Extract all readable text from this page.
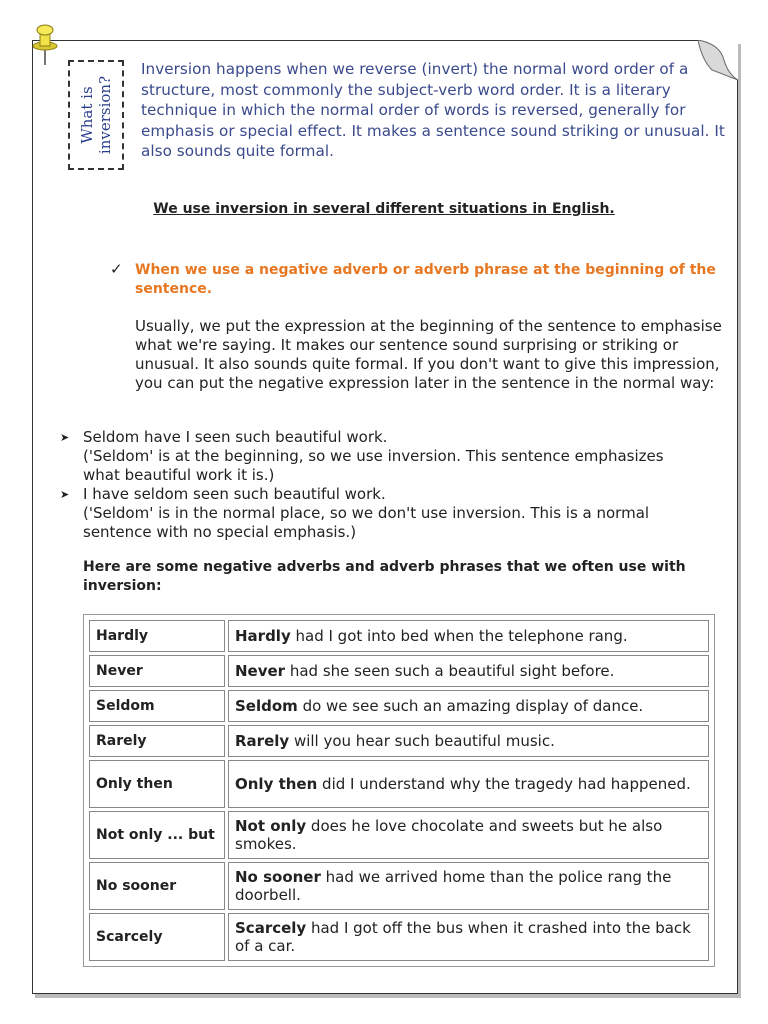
What is inversion?

Inversion happens when we reverse (invert) the normal word order of a structure, most commonly the subject-verb word order. It is a literary technique in which the normal order of words is reversed, generally for emphasis or special effect. It makes a sentence sound striking or unusual. It also sounds quite formal.

We use inversion in several different situations in English.

✓ When we use a negative adverb or adverb phrase at the beginning of the sentence.

Usually, we put the expression at the beginning of the sentence to emphasise what we're saying. It makes our sentence sound surprising or striking or unusual. It also sounds quite formal. If you don't want to give this impression, you can put the negative expression later in the sentence in the normal way:

➤ Seldom have I seen such beautiful work.
('Seldom' is at the beginning, so we use inversion. This sentence emphasizes what beautiful work it is.)
➤ I have seldom seen such beautiful work.
('Seldom' is in the normal place, so we don't use inversion. This is a normal sentence with no special emphasis.)

Here are some negative adverbs and adverb phrases that we often use with inversion:

Hardly	Hardly had I got into bed when the telephone rang.
Never	Never had she seen such a beautiful sight before.
Seldom	Seldom do we see such an amazing display of dance.
Rarely	Rarely will you hear such beautiful music.
Only then	Only then did I understand why the tragedy had happened.
Not only ... but	Not only does he love chocolate and sweets but he also smokes.
No sooner	No sooner had we arrived home than the police rang the doorbell.
Scarcely	Scarcely had I got off the bus when it crashed into the back of a car.
